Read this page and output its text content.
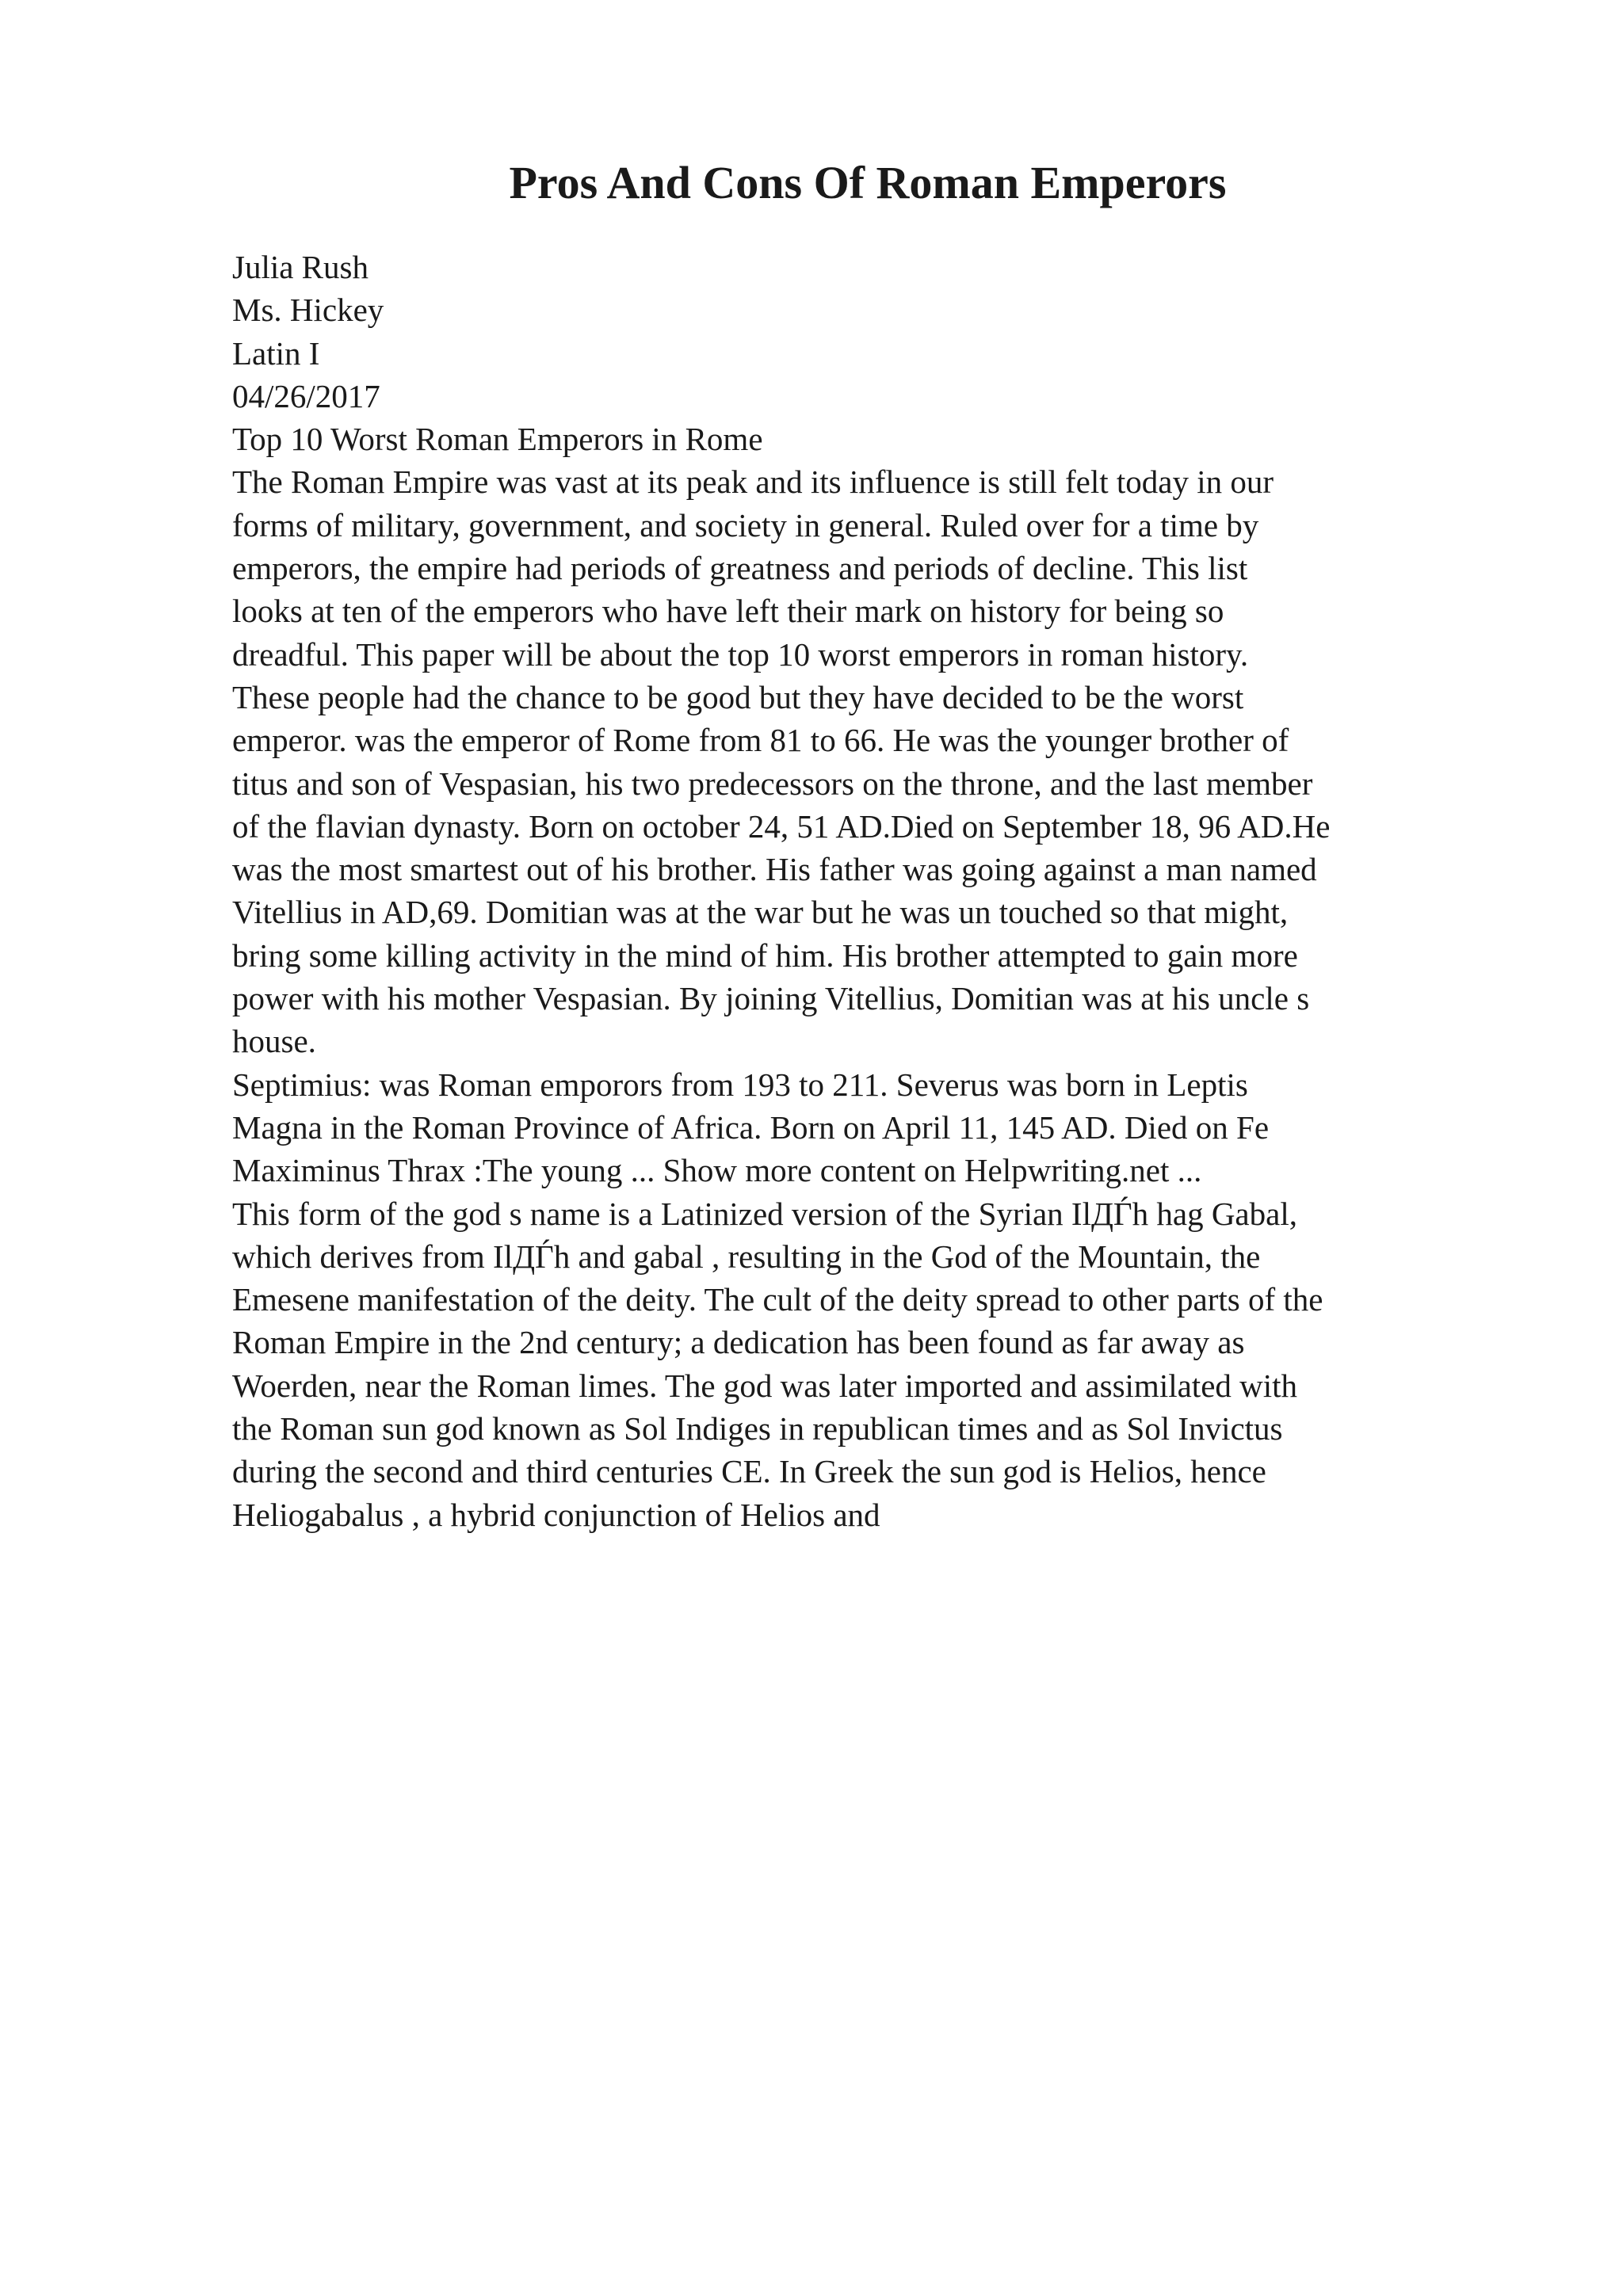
Pros And Cons Of Roman Emperors
Julia Rush
Ms. Hickey
Latin I
04/26/2017
Top 10 Worst Roman Emperors in Rome
The Roman Empire was vast at its peak and its influence is still felt today in our
forms of military, government, and society in general. Ruled over for a time by
emperors, the empire had periods of greatness and periods of decline. This list
looks at ten of the emperors who have left their mark on history for being so
dreadful. This paper will be about the top 10 worst emperors in roman history.
These people had the chance to be good but they have decided to be the worst
emperor. was the emperor of Rome from 81 to 66. He was the younger brother of
titus and son of Vespasian, his two predecessors on the throne, and the last member
of the flavian dynasty. Born on october 24, 51 AD.Died on September 18, 96 AD.He
was the most smartest out of his brother. His father was going against a man named
Vitellius in AD,69. Domitian was at the war but he was un touched so that might,
bring some killing activity in the mind of him. His brother attempted to gain more
power with his mother Vespasian. By joining Vitellius, Domitian was at his uncle s
house.
Septimius: was Roman emporors from 193 to 211. Severus was born in Leptis
Magna in the Roman Province of Africa. Born on April 11, 145 AD. Died on Fe
Maximinus Thrax :The young ... Show more content on Helpwriting.net ...
This form of the god s name is a Latinized version of the Syrian IlДЃh hag Gabal,
which derives from IlДЃh and gabal , resulting in the God of the Mountain, the
Emesene manifestation of the deity. The cult of the deity spread to other parts of the
Roman Empire in the 2nd century; a dedication has been found as far away as
Woerden, near the Roman limes. The god was later imported and assimilated with
the Roman sun god known as Sol Indiges in republican times and as Sol Invictus
during the second and third centuries CE. In Greek the sun god is Helios, hence
Heliogabalus , a hybrid conjunction of Helios and
